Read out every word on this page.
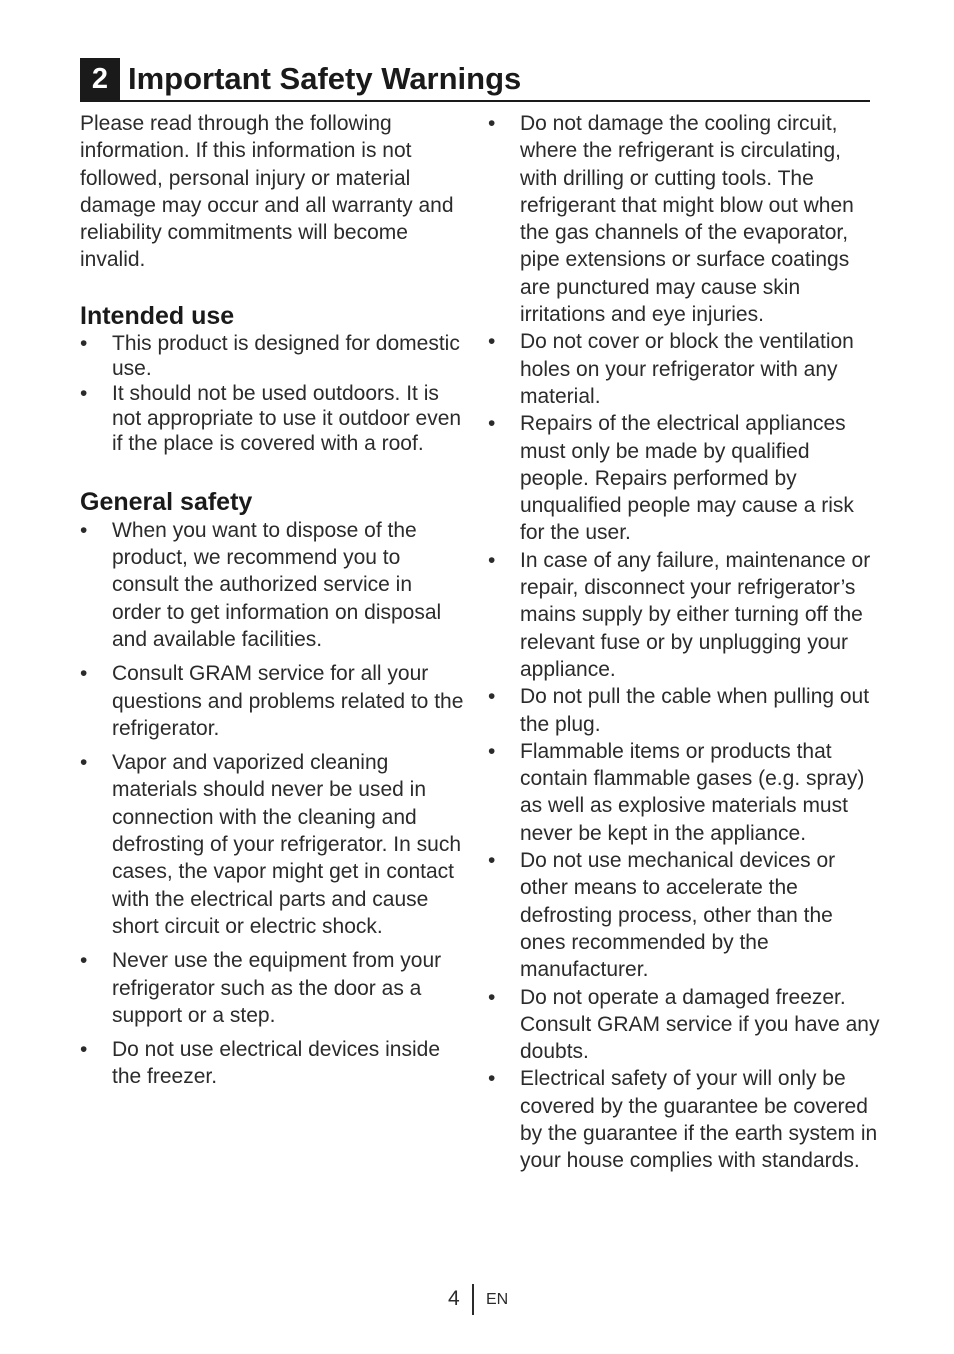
2 Important Safety Warnings

Please read through the following information. If this information is not followed, personal injury or material damage may occur and all warranty and reliability commitments will become invalid.

Intended use
• This product is designed for domestic use.
• It should not be used outdoors. It is not appropriate to use it outdoor even if the place is covered with a roof.
General safety
• When you want to dispose of the product, we recommend you to consult the authorized service in order to get information on disposal and available facilities.
• Consult GRAM service for all your questions and problems related to the refrigerator.
• Vapor and vaporized cleaning materials should never be used in connection with the cleaning and defrosting of your refrigerator. In such cases, the vapor might get in contact with the electrical parts and cause short circuit or electric shock.
• Never use the equipment from your refrigerator such as the door as a support or a step.
• Do not use electrical devices inside the freezer.
• Do not damage the cooling circuit, where the refrigerant is circulating, with drilling or cutting tools. The refrigerant that might blow out when the gas channels of the evaporator, pipe extensions or surface coatings are punctured may cause skin irritations and eye injuries.
• Do not cover or block the ventilation holes on your refrigerator with any material.
• Repairs of the electrical appliances must only be made by qualified people. Repairs performed by unqualified people may cause a risk for the user.
• In case of any failure, maintenance or repair, disconnect your refrigerator’s mains supply by either turning off the relevant fuse or by unplugging your appliance.
• Do not pull the cable when pulling out the plug.
• Flammable items or products that contain flammable gases (e.g. spray) as well as explosive materials must never be kept in the appliance.
• Do not use mechanical devices or other means to accelerate the defrosting process, other than the ones recommended by the manufacturer.
• Do not operate a damaged freezer. Consult GRAM service if you have any doubts.
• Electrical safety of your will only be covered by the guarantee be covered by the guarantee if the earth system in your house complies with standards.
4 EN
